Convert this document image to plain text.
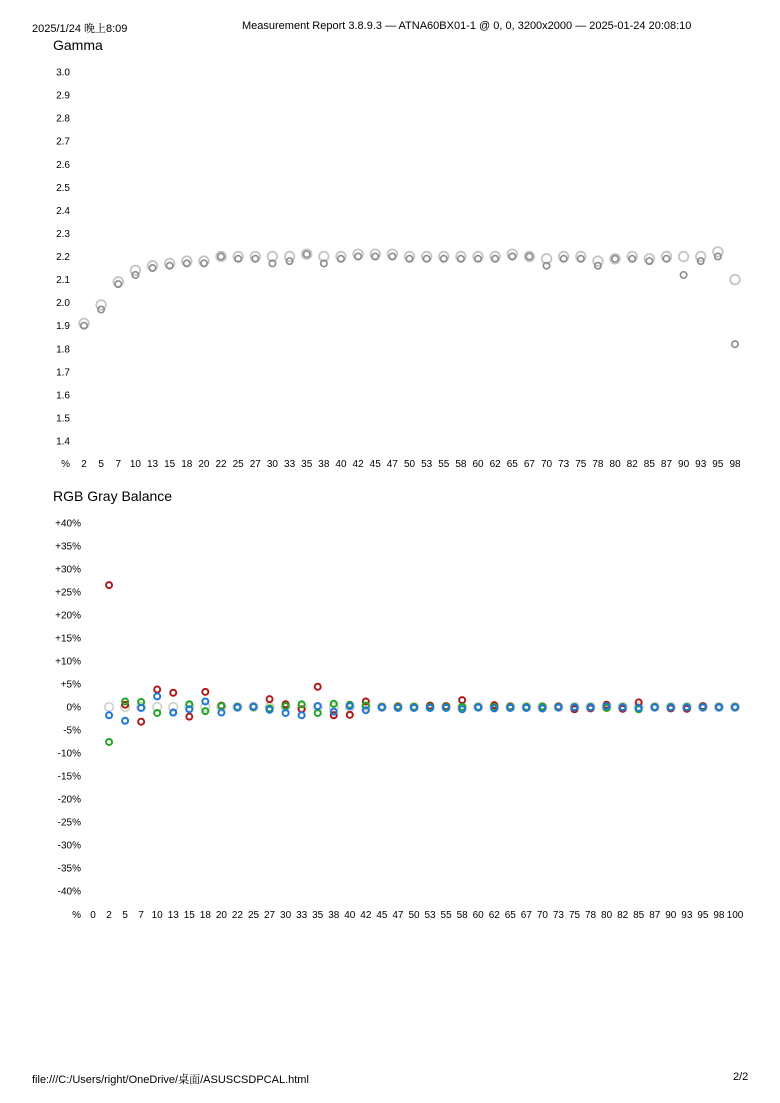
2025/1/24 晚上8:09	Measurement Report 3.8.9.3 — ATNA60BX01-1 @ 0, 0, 3200x2000 — 2025-01-24 20:08:10
Gamma
3.0
2.9
2.8
2.7
2.6
2.5
2.4
2.3
2.2
2.1
2.0
1.9
1.8
1.7
1.6
1.5
1.4
% 2 5 7 10 13 15 18 20 22 25 27 30 33 35 38 40 42 45 47 50 53 55 58 60 62 65 67 70 73 75 78 80 82 85 87 90 93 95 98
RGB Gray Balance
+40%
+35%
+30%
+25%
+20%
+15%
+10%
+5%
0%
-5%
-10%
-15%
-20%
-25%
-30%
-35%
-40%
% 0 2 5 7 10 13 15 18 20 22 25 27 30 33 35 38 40 42 45 47 50 53 55 58 60 62 65 67 70 73 75 78 80 82 85 87 90 93 95 98 100
file:///C:/Users/right/OneDrive/桌面/ASUSCSDPCAL.html	2/2
